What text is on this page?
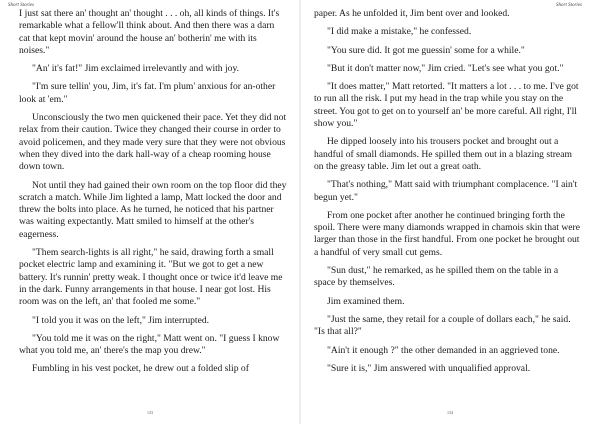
Short Stories

I just sat there an' thought an' thought . . . oh, all kinds of things. It's remarkable what a fellow'll think about. And then there was a darn cat that kept movin' around the house an' botherin' me with its noises."

"An' it's fat!" Jim exclaimed irrelevantly and with joy.

"I'm sure tellin' you, Jim, it's fat. I'm plum' anxious for an-other look at 'em."

Unconsciously the two men quickened their pace. Yet they did not relax from their caution. Twice they changed their course in order to avoid policemen, and they made very sure that they were not obvious when they dived into the dark hall-way of a cheap rooming house down town.

Not until they had gained their own room on the top floor did they scratch a match. While Jim lighted a lamp, Matt locked the door and threw the bolts into place. As he turned, he noticed that his partner was waiting expectantly. Matt smiled to himself at the other's eagerness.

"Them search-lights is all right," he said, drawing forth a small pocket electric lamp and examining it. "But we got to get a new battery. It's runnin' pretty weak. I thought once or twice it'd leave me in the dark. Funny arrangements in that house. I near got lost. His room was on the left, an' that fooled me some."

"I told you it was on the left," Jim interrupted.

"You told me it was on the right," Matt went on. "I guess I know what you told me, an' there's the map you drew."

Fumbling in his vest pocket, he drew out a folded slip of

133
Short Stories

paper. As he unfolded it, Jim bent over and looked.

"I did make a mistake," he confessed.

"You sure did. It got me guessin' some for a while."

"But it don't matter now," Jim cried. "Let's see what you got."

"It does matter," Matt retorted. "It matters a lot . . . to me. I've got to run all the risk. I put my head in the trap while you stay on the street. You got to get on to yourself an' be more careful. All right, I'll show you."

He dipped loosely into his trousers pocket and brought out a handful of small diamonds. He spilled them out in a blazing stream on the greasy table. Jim let out a great oath.

"That's nothing," Matt said with triumphant complacence. "I ain't begun yet."

From one pocket after another he continued bringing forth the spoil. There were many diamonds wrapped in chamois skin that were larger than those in the first handful. From one pocket he brought out a handful of very small cut gems.

"Sun dust," he remarked, as he spilled them on the table in a space by themselves.

Jim examined them.

"Just the same, they retail for a couple of dollars each," he said. "Is that all?"

"Ain't it enough ?" the other demanded in an aggrieved tone.

"Sure it is," Jim answered with unqualified approval.

134
